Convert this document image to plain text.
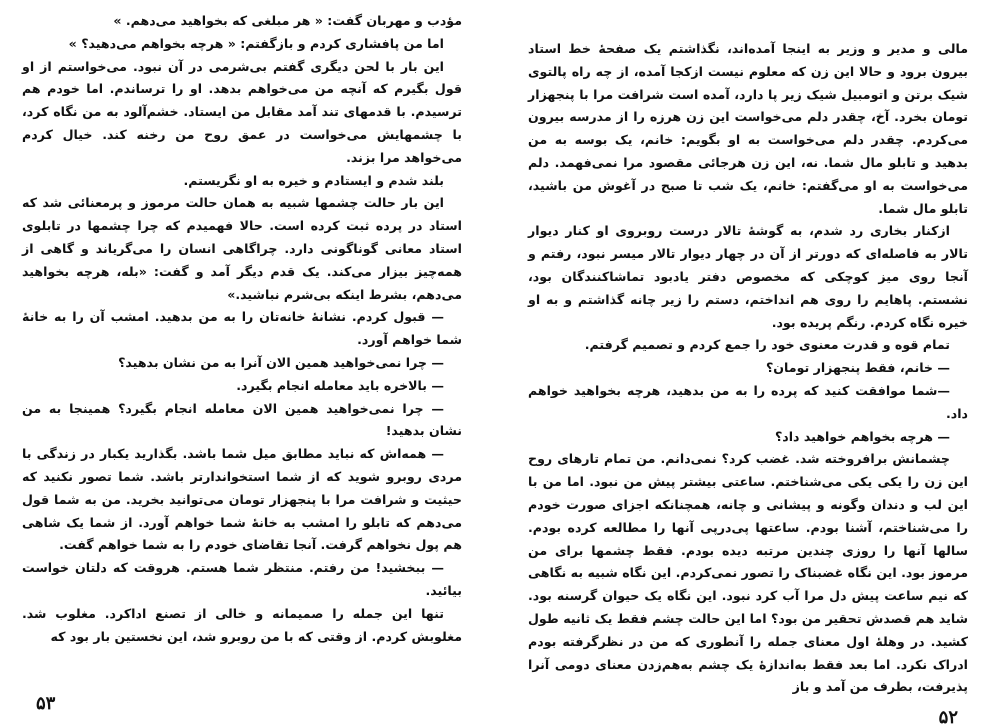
مؤدب و مهربان گفت: « هر مبلغی که بخواهید می‌دهم. »

اما من پافشاری کردم و بازگفتم: « هرچه بخواهم می‌دهید؟ »

این بار با لحن دیگری گفتم بی‌شرمی در آن نبود. می‌خواستم از او قول بگیرم که آنچه من می‌خواهم بدهد. او را ترساندم. اما خودم هم ترسیدم. با قدمهای تند آمد مقابل من ایستاد. خشم‌آلود به من نگاه کرد، با چشمهایش می‌خواست در عمق روح من رخنه کند. خیال کردم می‌خواهد مرا بزند.

بلند شدم و ایستادم و خیره به او نگریستم.

این بار حالت چشمها شبیه به همان حالت مرموز و پرمعنائی شد که استاد در پرده ثبت کرده است. حالا فهمیدم که چرا چشمها در تابلوی استاد معانی گوناگونی دارد. چراگاهی انسان را می‌گریاند و گاهی از همه‌چیز بیزار می‌کند. یک قدم دیگر آمد و گفت: «بله، هرچه بخواهید می‌دهم، بشرط اینکه بی‌شرم نباشید.»

— قبول کردم. نشانهٔ خانه‌تان را به من بدهید. امشب آن را به خانهٔ شما خواهم آورد.

— چرا نمی‌خواهید همین الان آنرا به من نشان بدهید؟

— بالاخره باید معامله انجام بگیرد.

— چرا نمی‌خواهید همین الان معامله انجام بگیرد؟ همینجا به من نشان بدهید!

— همه‌اش که نباید مطابق میل شما باشد. بگذارید یکبار در زندگی با مردی روبرو شوید که از شما استخواندارتر باشد. شما تصور نکنید که حیثیت و شرافت مرا با پنجهزار تومان می‌توانید بخرید. من به شما قول می‌دهم که تابلو را امشب به خانهٔ شما خواهم آورد. از شما یک شاهی هم پول نخواهم گرفت. آنجا تقاضای خودم را به شما خواهم گفت.

— ببخشید! من رفتم. منتظر شما هستم. هروقت که دلتان خواست بیائید.

تنها این جمله را صمیمانه و خالی از تصنع اداکرد. مغلوب شد. مغلوبش کردم. از وقتی که با من روبرو شد، این نخستین بار بود که

۵۳

مالی و مدیر و وزیر به اینجا آمده‌اند، نگذاشتم یک صفحهٔ خط استاد بیرون برود و حالا این زن که معلوم نیست ازکجا آمده، از چه راه پالتوی شیک برتن و اتومبیل شیک زیر پا دارد، آمده است شرافت مرا با پنجهزار تومان بخرد. آخ، چقدر دلم می‌خواست این زن هرزه را از مدرسه بیرون می‌کردم. چقدر دلم می‌خواست به او بگویم: خانم، یک بوسه به من بدهید و تابلو مال شما. نه، این زن هرجائی مقصود مرا نمی‌فهمد. دلم می‌خواست به او می‌گفتم: خانم، یک شب تا صبح در آغوش من باشید، تابلو مال شما.

ازکنار بخاری رد شدم، به گوشهٔ تالار درست روبروی او کنار دیوار تالار به فاصله‌ای که دورتر از آن در چهار دیوار تالار میسر نبود، رفتم و آنجا روی میز کوچکی که مخصوص دفتر یادبود تماشاکنندگان بود، نشستم. پاهایم را روی هم انداختم، دستم را زیر چانه گذاشتم و به او خیره نگاه کردم. رنگم پریده بود.

تمام قوه و قدرت معنوی خود را جمع کردم و تصمیم گرفتم.

— خانم، فقط پنجهزار تومان؟

—شما موافقت کنید که پرده را به من بدهید، هرچه بخواهید خواهم داد.

— هرچه بخواهم خواهید داد؟

چشمانش برافروخته شد. غضب کرد؟ نمی‌دانم. من تمام تارهای روح این زن را یکی یکی می‌شناختم. ساعتی بیشتر پیش من نبود. اما من با این لب و دندان وگونه و پیشانی و چانه، همچنانکه اجزای صورت خودم را می‌شناختم، آشنا بودم. ساعتها پی‌درپی آنها را مطالعه کرده بودم. سالها آنها را روزی چندین مرتبه دیده بودم. فقط چشمها برای من مرموز بود. این نگاه غضبناک را تصور نمی‌کردم. این نگاه شبیه به نگاهی که نیم ساعت پیش دل مرا آب کرد نبود. این نگاه یک حیوان گرسنه بود. شاید هم قصدش تحقیر من بود؟ اما این حالت چشم فقط یک ثانیه طول کشید. در وهلهٔ اول معنای جمله را آنطوری که من در نظرگرفته بودم ادراک نکرد. اما بعد فقط به‌اندازهٔ یک چشم به‌هم‌زدن معنای دومی آنرا پذیرفت، بطرف من آمد و باز

۵۲
